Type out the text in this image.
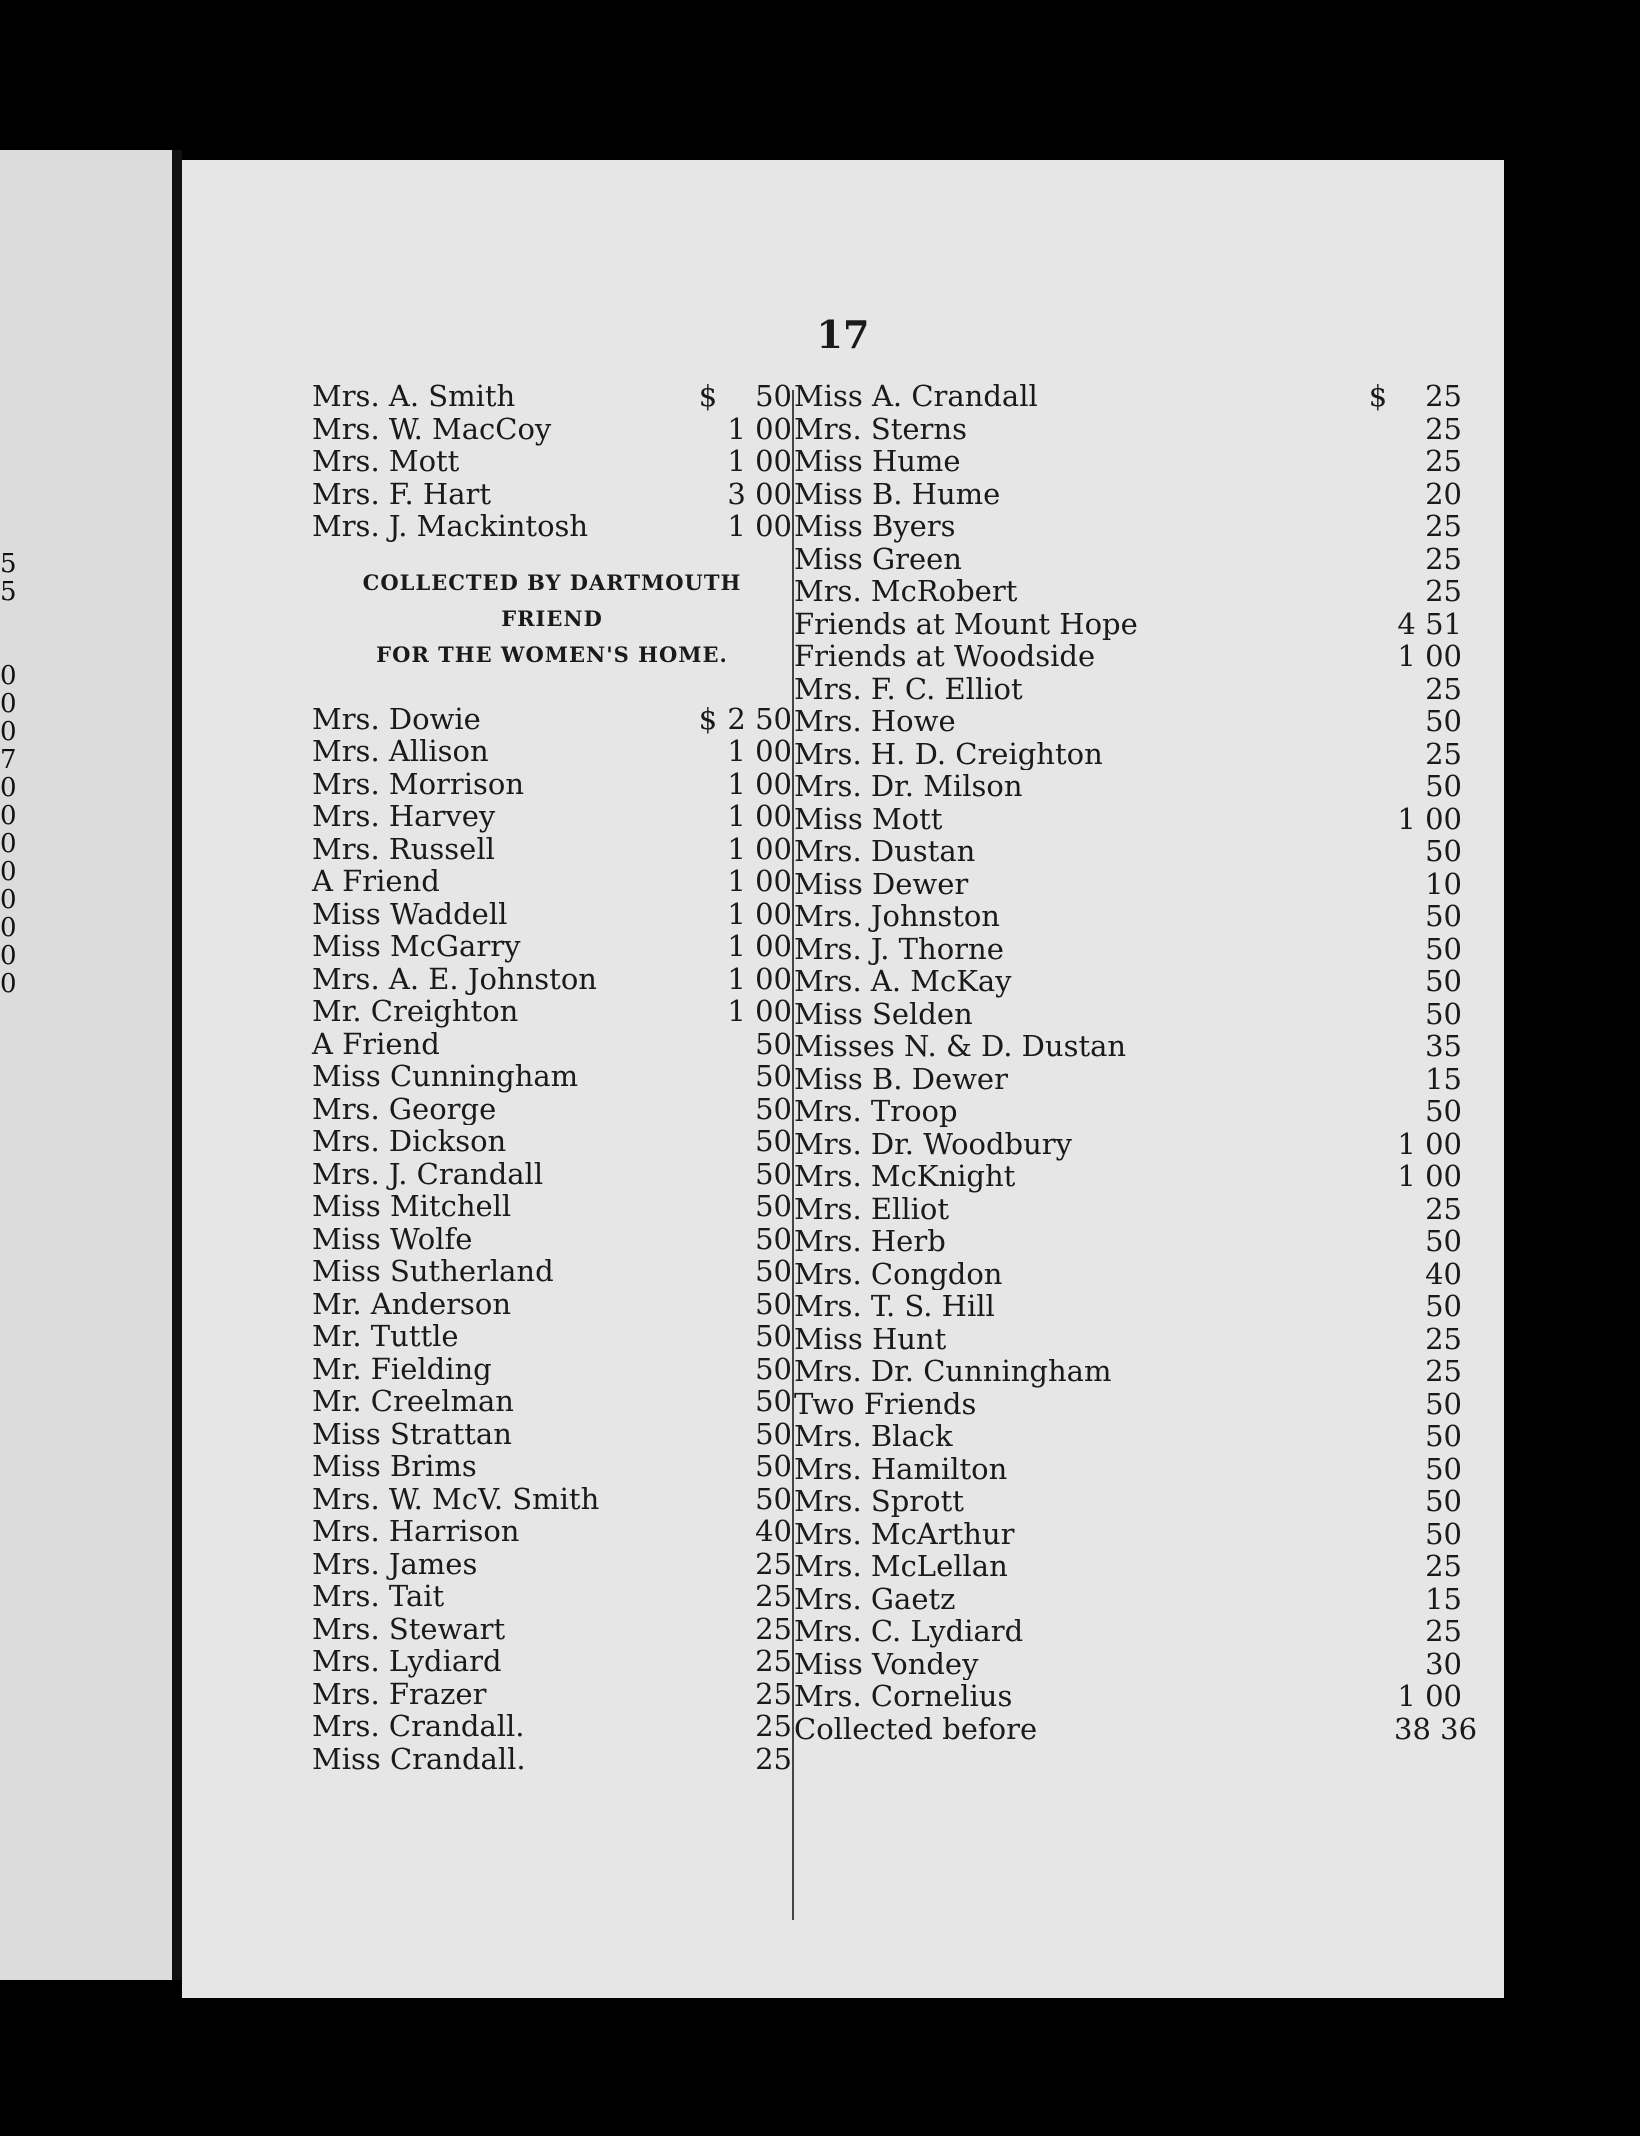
5
5
0
0
0
7
0
0
0
0
0
0
0
0
17
Mrs. A. Smith	$	50
Mrs. W. MacCoy	1 00
Mrs. Mott	1 00
Mrs. F. Hart	3 00
Mrs. J. Mackintosh	1 00
COLLECTED BY DARTMOUTH FRIEND
FOR THE WOMEN'S HOME.
Mrs. Dowie	$ 2 50
Mrs. Allison	1 00
Mrs. Morrison	1 00
Mrs. Harvey	1 00
Mrs. Russell	1 00
A Friend	1 00
Miss Waddell	1 00
Miss McGarry	1 00
Mrs. A. E. Johnston	1 00
Mr. Creighton	1 00
A Friend	50
Miss Cunningham	50
Mrs. George	50
Mrs. Dickson	50
Mrs. J. Crandall	50
Miss Mitchell	50
Miss Wolfe	50
Miss Sutherland	50
Mr. Anderson	50
Mr. Tuttle	50
Mr. Fielding	50
Mr. Creelman	50
Miss Strattan	50
Miss Brims	50
Mrs. W. McV. Smith	50
Mrs. Harrison	40
Mrs. James	25
Mrs. Tait	25
Mrs. Stewart	25
Mrs. Lydiard	25
Mrs. Frazer	25
Mrs. Crandall.	25
Miss Crandall.	25
Miss A. Crandall	$	25
Mrs. Sterns	25
Miss Hume	25
Miss B. Hume	20
Miss Byers	25
Miss Green	25
Mrs. McRobert	25
Friends at Mount Hope	4 51
Friends at Woodside	1 00
Mrs. F. C. Elliot	25
Mrs. Howe	50
Mrs. H. D. Creighton	25
Mrs. Dr. Milson	50
Miss Mott	1 00
Mrs. Dustan	50
Miss Dewer	10
Mrs. Johnston	50
Mrs. J. Thorne	50
Mrs. A. McKay	50
Miss Selden	50
Misses N. & D. Dustan	35
Miss B. Dewer	15
Mrs. Troop	50
Mrs. Dr. Woodbury	1 00
Mrs. McKnight	1 00
Mrs. Elliot	25
Mrs. Herb	50
Mrs. Congdon	40
Mrs. T. S. Hill	50
Miss Hunt	25
Mrs. Dr. Cunningham	25
Two Friends	50
Mrs. Black	50
Mrs. Hamilton	50
Mrs. Sprott	50
Mrs. McArthur	50
Mrs. McLellan	25
Mrs. Gaetz	15
Mrs. C. Lydiard	25
Miss Vondey	30
Mrs. Cornelius	1 00
Collected before	38 36
